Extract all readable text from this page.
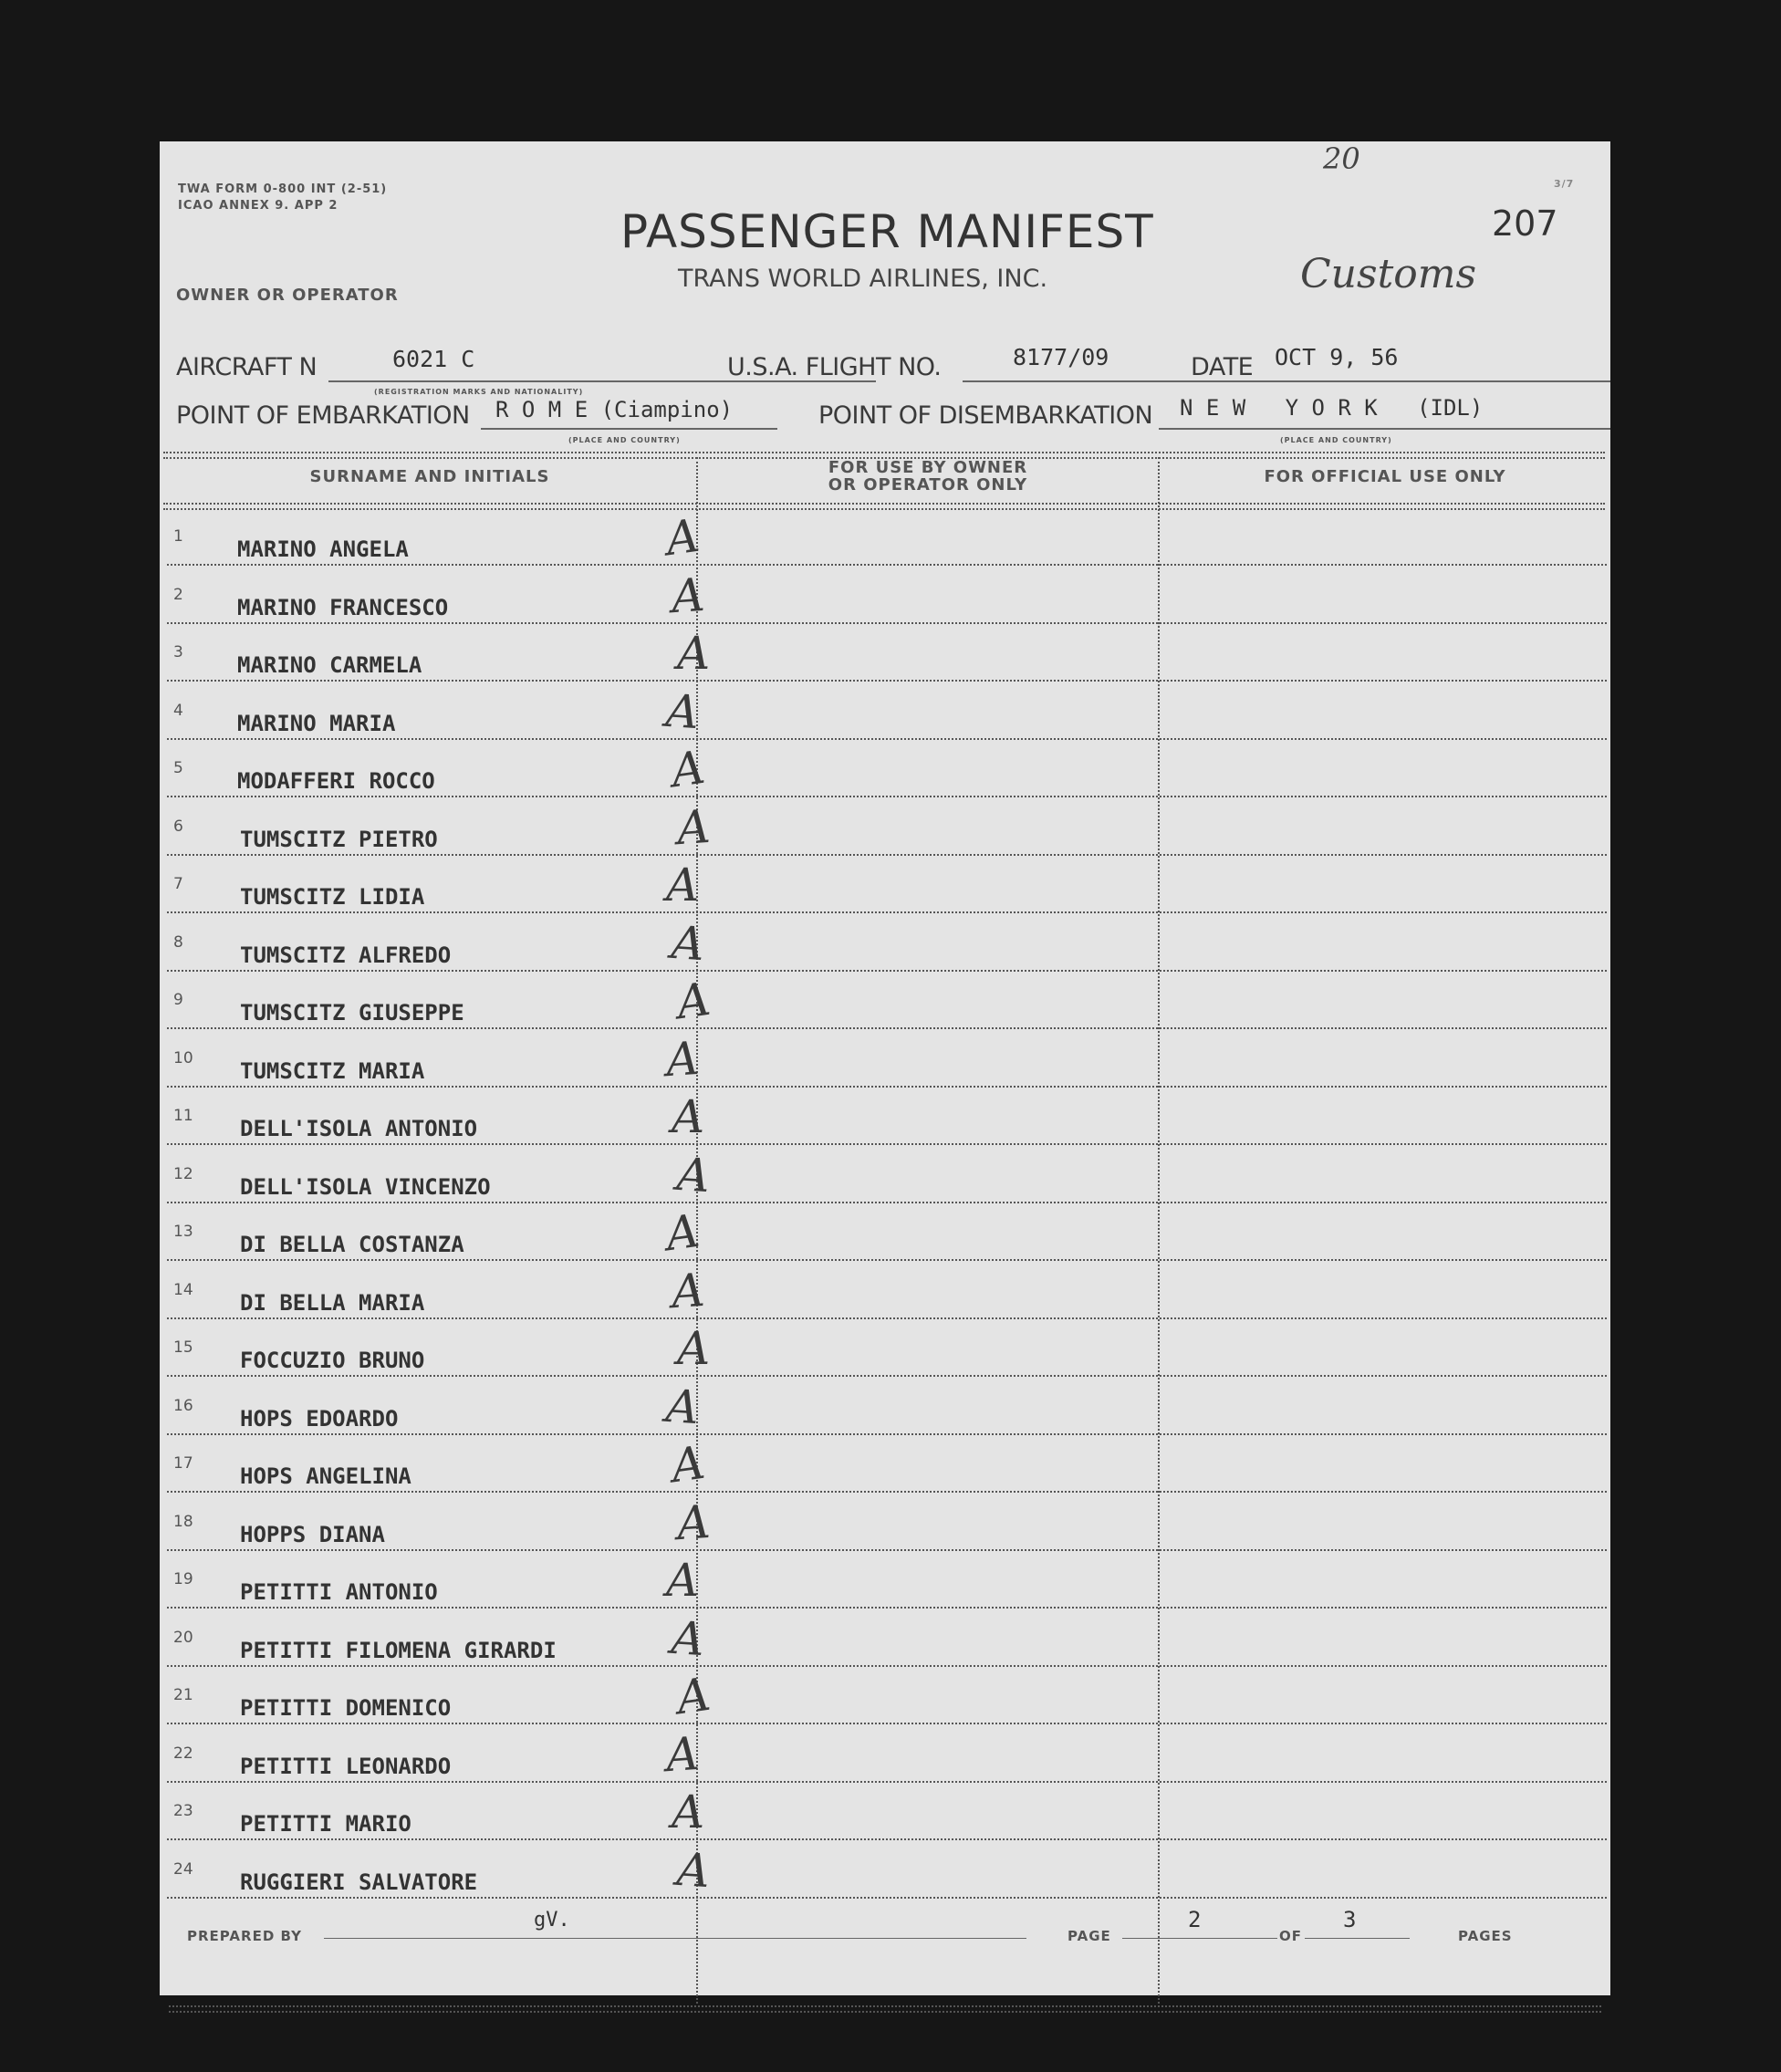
TWA FORM 0-800 INT (2-51)
ICAO ANNEX 9. APP 2
20
3/7
PASSENGER MANIFEST
TRANS WORLD AIRLINES, INC.
207
Customs
OWNER OR OPERATOR
AIRCRAFT N	6021 C
(REGISTRATION MARKS AND NATIONALITY)
U.S.A. FLIGHT NO.	8177/09	DATE OCT 9, 56
POINT OF EMBARKATION R O M E (Ciampino)
(PLACE AND COUNTRY)
POINT OF DISEMBARKATION N E W   Y O R K   (IDL)
(PLACE AND COUNTRY)
SURNAME AND INITIALS	FOR USE BY OWNER
OR OPERATOR ONLY	FOR OFFICIAL USE ONLY
1 MARINO ANGELA	A
2 MARINO FRANCESCO	A
3 MARINO CARMELA	A
4 MARINO MARIA	A
5 MODAFFERI ROCCO	A
6	TUMSCITZ PIETRO	A
7	TUMSCITZ LIDIA	A
8	TUMSCITZ ALFREDO	A
9	TUMSCITZ GIUSEPPE	A
10 TUMSCITZ MARIA	A
11 DELL'ISOLA ANTONIO	A
12 DELL'ISOLA VINCENZO	A
13 DI BELLA COSTANZA	A
14 DI BELLA MARIA	A
15 FOCCUZIO BRUNO	A
16 HOPS EDOARDO	A
17 HOPS ANGELINA	A
18 HOPPS DIANA	A
19 PETITTI ANTONIO	A
20 PETITTI FILOMENA GIRARDI A
21 PETITTI DOMENICO	A
22 PETITTI LEONARDO	A
23 PETITTI MARIO	A
24 RUGGIERI SALVATORE	A
PREPARED BY
gV.
PAGE
2
OF
3
PAGES
